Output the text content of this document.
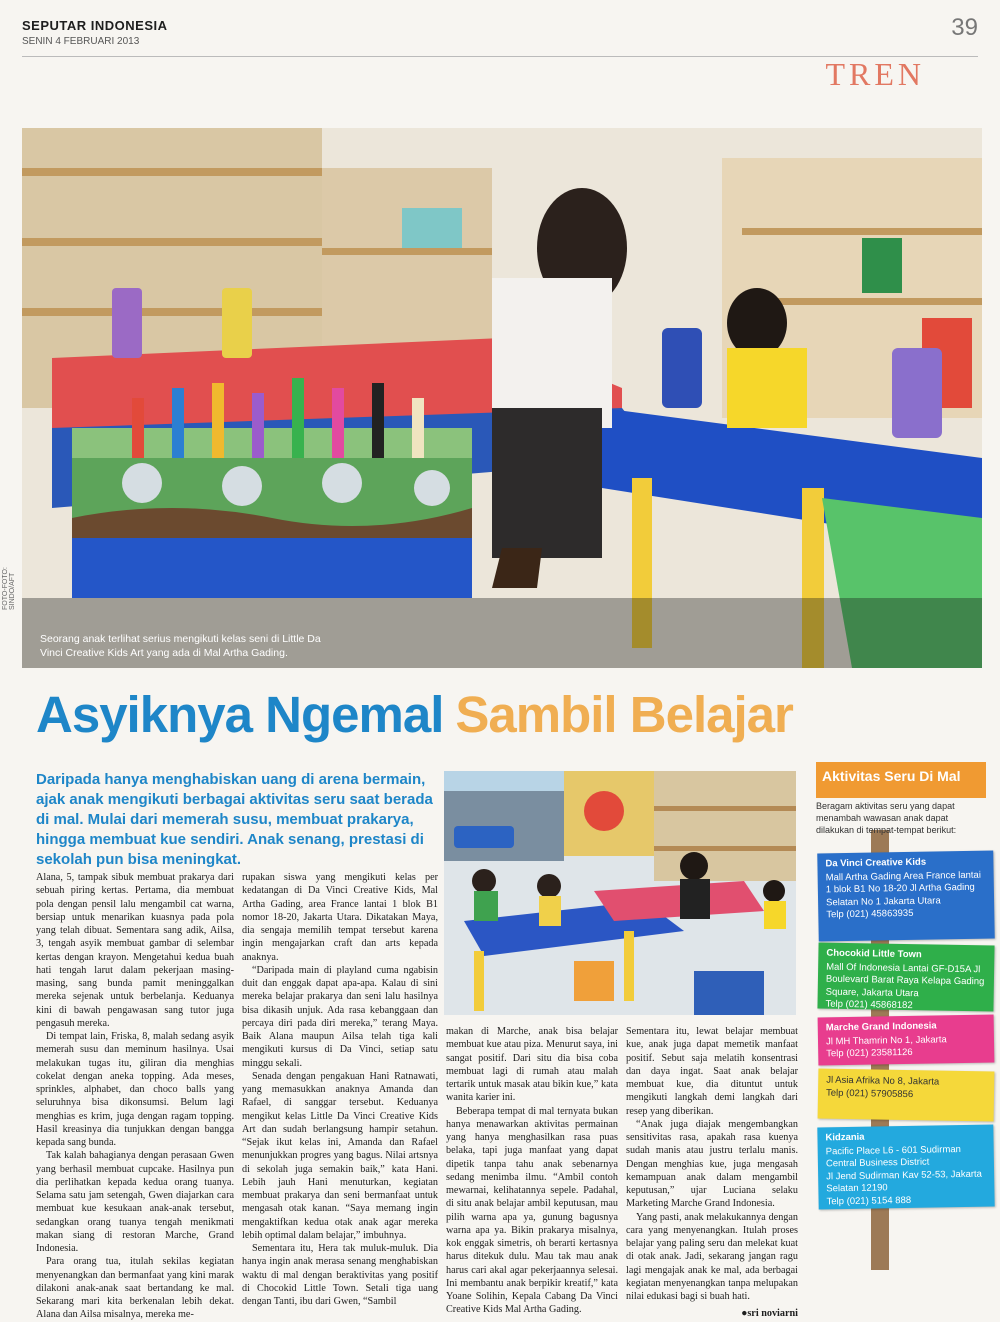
SEPUTAR INDONESIA
SENIN 4 FEBRUARI 2013
39
TREN
FOTO-FOTO: SINDO/AFT
Seorang anak terlihat serius mengikuti kelas seni di Little Da Vinci Creative Kids Art yang ada di Mal Artha Gading.
Asyiknya Ngemal Sambil Belajar
Daripada hanya menghabiskan uang di arena bermain, ajak anak mengikuti berbagai aktivitas seru saat berada di mal. Mulai dari memerah susu, membuat prakarya, hingga membuat kue sendiri. Anak senang, prestasi di sekolah pun bisa meningkat.

Alana, 5, tampak sibuk membuat prakarya dari sebuah piring kertas. Pertama, dia membuat pola dengan pensil lalu mengambil cat warna, bersiap untuk menarikan kuasnya pada pola yang telah dibuat. Sementara sang adik, Ailsa, 3, tengah asyik membuat gambar di selembar kertas dengan krayon. Mengetahui kedua buah hati tengah larut dalam pekerjaan masing-masing, sang bunda pamit meninggalkan mereka sejenak untuk berbelanja. Keduanya kini di bawah pengawasan sang tutor juga pengasuh mereka.

Di tempat lain, Friska, 8, malah sedang asyik memerah susu dan meminum hasilnya. Usai melakukan tugas itu, giliran dia menghias cokelat dengan aneka topping. Ada meses, sprinkles, alphabet, dan choco balls yang seluruhnya bisa dikonsumsi. Belum lagi menghias es krim, juga dengan ragam topping. Hasil kreasinya dia tunjukkan dengan bangga kepada sang bunda.

Tak kalah bahagianya dengan perasaan Gwen yang berhasil membuat cupcake. Hasilnya pun dia perlihatkan kepada kedua orang tuanya. Selama satu jam setengah, Gwen diajarkan cara membuat kue kesukaan anak-anak tersebut, sedangkan orang tuanya tengah menikmati makan siang di restoran Marche, Grand Indonesia.

Para orang tua, itulah sekilas kegiatan menyenangkan dan bermanfaat yang kini marak dilakoni anak-anak saat bertandang ke mal. Sekarang mari kita berkenalan lebih dekat. Alana dan Ailsa misalnya, mereka me-

rupakan siswa yang mengikuti kelas per kedatangan di Da Vinci Creative Kids, Mal Artha Gading, area France lantai 1 blok B1 nomor 18-20, Jakarta Utara. Dikatakan Maya, dia sengaja memilih tempat tersebut karena ingin mengajarkan craft dan arts kepada anaknya.

“Daripada main di playland cuma ngabisin duit dan enggak dapat apa-apa. Kalau di sini mereka belajar prakarya dan seni lalu hasilnya bisa dikasih unjuk. Ada rasa kebanggaan dan percaya diri pada diri mereka,” terang Maya. Baik Alana maupun Ailsa telah tiga kali mengikuti kursus di Da Vinci, setiap satu minggu sekali.

Senada dengan pengakuan Hani Ratnawati, yang memasukkan anaknya Amanda dan Rafael, di sanggar tersebut. Keduanya mengikut kelas Little Da Vinci Creative Kids Art dan sudah berlangsung hampir setahun. “Sejak ikut kelas ini, Amanda dan Rafael menunjukkan progres yang bagus. Nilai artsnya di sekolah juga semakin baik,” kata Hani. Lebih jauh Hani menuturkan, kegiatan membuat prakarya dan seni bermanfaat untuk mengasah otak kanan. “Saya memang ingin mengaktifkan kedua otak anak agar mereka lebih optimal dalam belajar,” imbuhnya.

Sementara itu, Hera tak muluk-muluk. Dia hanya ingin anak merasa senang menghabiskan waktu di mal dengan beraktivitas yang positif di Chocokid Little Town. Setali tiga uang dengan Tanti, ibu dari Gwen, “Sambil

makan di Marche, anak bisa belajar membuat kue atau piza. Menurut saya, ini sangat positif. Dari situ dia bisa coba membuat lagi di rumah atau malah tertarik untuk masak atau bikin kue,” kata wanita karier ini.

Beberapa tempat di mal ternyata bukan hanya menawarkan aktivitas permainan yang hanya menghasilkan rasa puas belaka, tapi juga manfaat yang dapat dipetik tanpa tahu anak sebenarnya sedang menimba ilmu. “Ambil contoh mewarnai, kelihatannya sepele. Padahal, di situ anak belajar ambil keputusan, mau pilih warna apa ya, gunung bagusnya warna apa ya. Bikin prakarya misalnya, kok enggak simetris, oh berarti kertasnya harus ditekuk dulu. Mau tak mau anak harus cari akal agar pekerjaannya selesai. Ini membantu anak berpikir kreatif,” kata Yoane Solihin, Kepala Cabang Da Vinci Creative Kids Mal Artha Gading.

Sementara itu, lewat belajar membuat kue, anak juga dapat memetik manfaat positif. Sebut saja melatih konsentrasi dan daya ingat. Saat anak belajar membuat kue, dia dituntut untuk mengikuti langkah demi langkah dari resep yang diberikan.

“Anak juga diajak mengembangkan sensitivitas rasa, apakah rasa kuenya sudah manis atau justru terlalu manis. Dengan menghias kue, juga mengasah kemampuan anak dalam mengambil keputusan,” ujar Luciana selaku Marketing Marche Grand Indonesia.

Yang pasti, anak melakukannya dengan cara yang menyenangkan. Itulah proses belajar yang paling seru dan melekat kuat di otak anak. Jadi, sekarang jangan ragu lagi mengajak anak ke mal, ada berbagai kegiatan menyenangkan tanpa melupakan nilai edukasi bagi si buah hati.

●sri noviarni
Aktivitas Seru Di Mal
Beragam aktivitas seru yang dapat menambah wawasan anak dapat dilakukan di tempat-tempat berikut:
Da Vinci Creative Kids
Mall Artha Gading Area France lantai 1 blok B1 No 18-20 Jl Artha Gading Selatan No 1 Jakarta Utara
Telp (021) 45863935
Chocokid Little Town
Mall Of Indonesia Lantai GF-D15A Jl Boulevard Barat Raya Kelapa Gading Square, Jakarta Utara
Telp (021) 45868182
Marche Grand Indonesia
Jl MH Thamrin No 1, Jakarta
Telp (021) 23581126
Jl Asia Afrika No 8, Jakarta
Telp (021) 57905856
Kidzania
Pacific Place L6 - 601 Sudirman Central Business District
Jl Jend Sudirman Kav 52-53, Jakarta Selatan 12190
Telp (021) 5154 888
